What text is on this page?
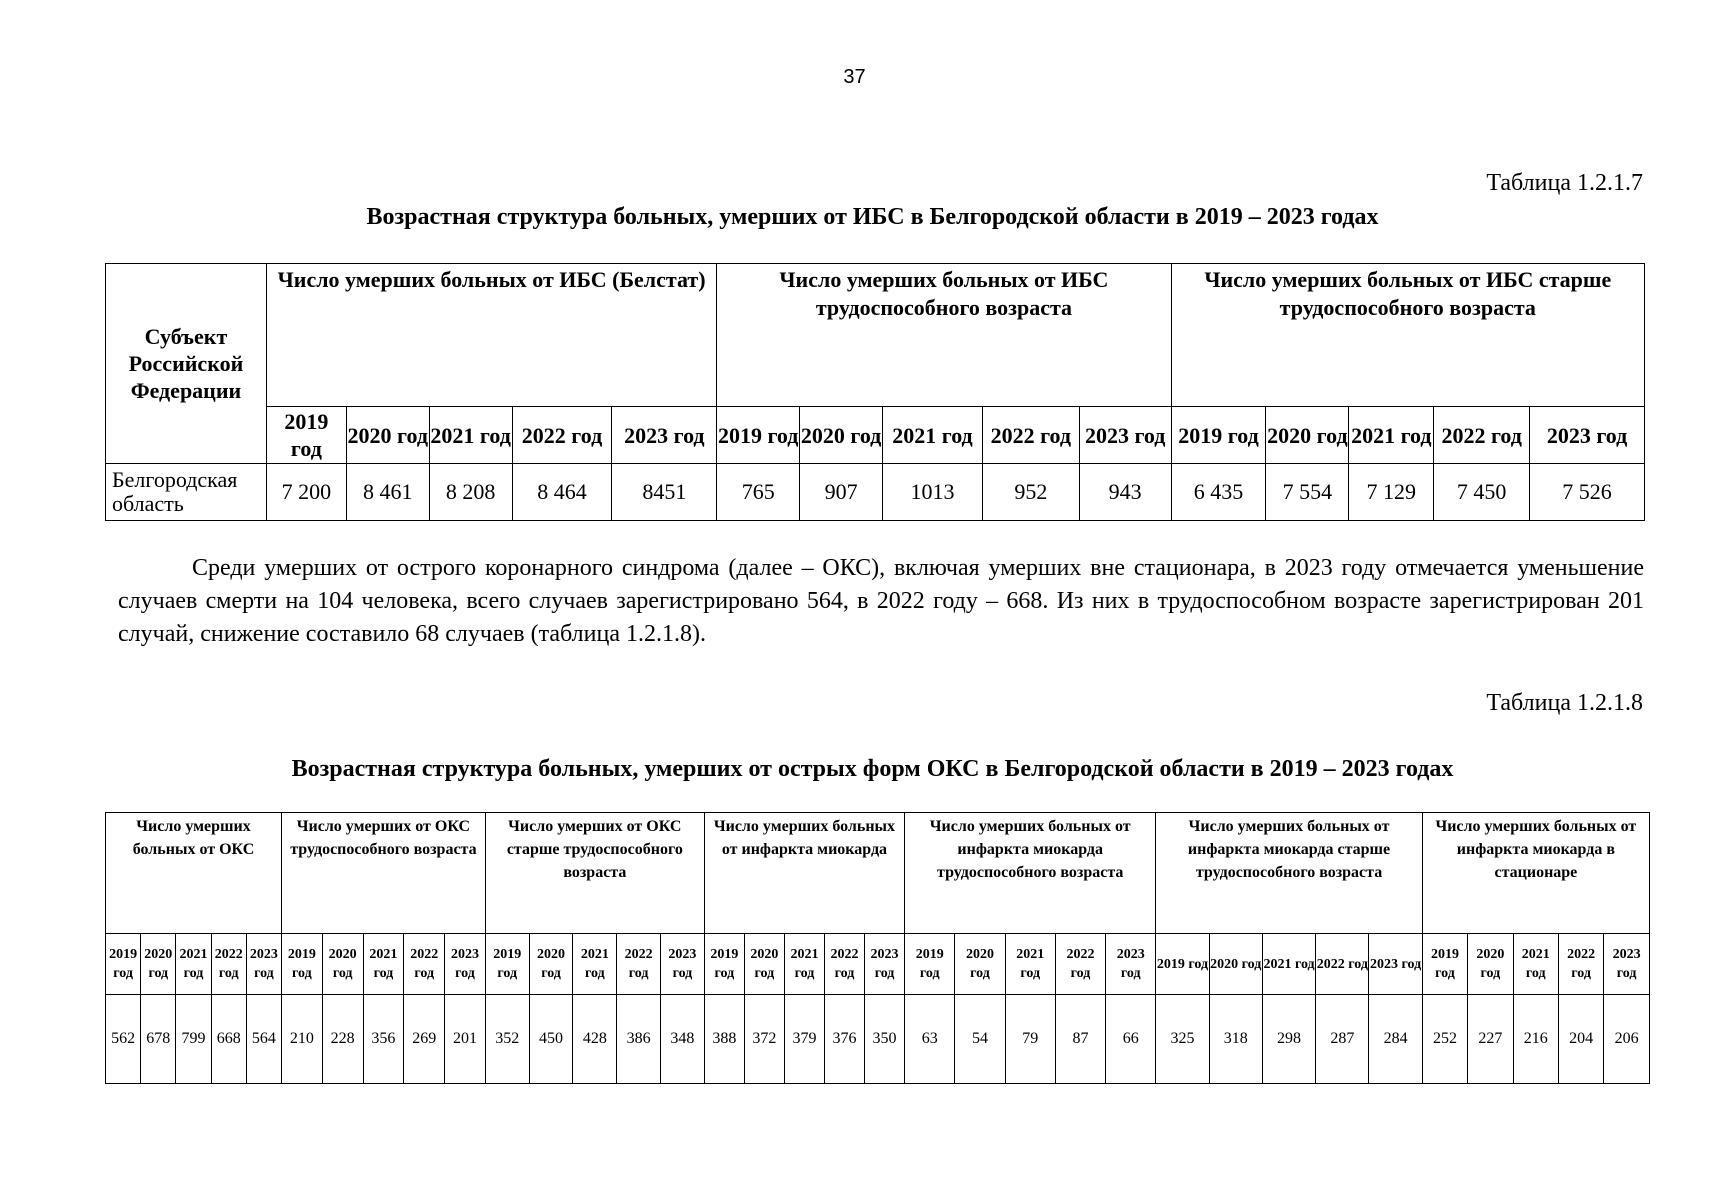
37
Таблица 1.2.1.7
Возрастная структура больных, умерших от ИБС в Белгородской области в 2019 – 2023 годах
Субъект Российской Федерации	Число умерших больных от ИБС (Белстат)					Число умерших больных от ИБС трудоспособного возраста					Число умерших больных от ИБС старше трудоспособного возраста				
	2019 год	2020 год	2021 год	2022 год	2023 год	2019 год	2020 год	2021 год	2022 год	2023 год	2019 год	2020 год	2021 год	2022 год	2023 год
Белгородская область	7 200	8 461	8 208	8 464	8451	765	907	1013	952	943	6 435	7 554	7 129	7 450	7 526
Среди умерших от острого коронарного синдрома (далее – ОКС), включая умерших вне стационара, в 2023 году отмечается уменьшение случаев смерти на 104 человека, всего случаев зарегистрировано 564, в 2022 году – 668. Из них в трудоспособном возрасте зарегистрирован 201 случай, снижение составило 68 случаев (таблица 1.2.1.8).
Таблица 1.2.1.8
Возрастная структура больных, умерших от острых форм ОКС в Белгородской области в 2019 – 2023 годах
Число умерших больных от ОКС					Число умерших от ОКС трудоспособного возраста					Число умерших от ОКС старше трудоспособного возраста					Число умерших больных от инфаркта миокарда					Число умерших больных от инфаркта миокарда трудоспособного возраста					Число умерших больных от инфаркта миокарда старше трудоспособного возраста					Число умерших больных от инфаркта миокарда в стационаре				
2019 год	2020 год	2021 год	2022 год	2023 год	2019 год	2020 год	2021 год	2022 год	2023 год	2019 год	2020 год	2021 год	2022 год	2023 год	2019 год	2020 год	2021 год	2022 год	2023 год	2019 год	2020 год	2021 год	2022 год	2023 год	2019 год	2020 год	2021 год	2022 год	2023 год	2019 год	2020 год	2021 год	2022 год	2023 год
562	678	799	668	564	210	228	356	269	201	352	450	428	386	348	388	372	379	376	350	63	54	79	87	66	325	318	298	287	284	252	227	216	204	206
